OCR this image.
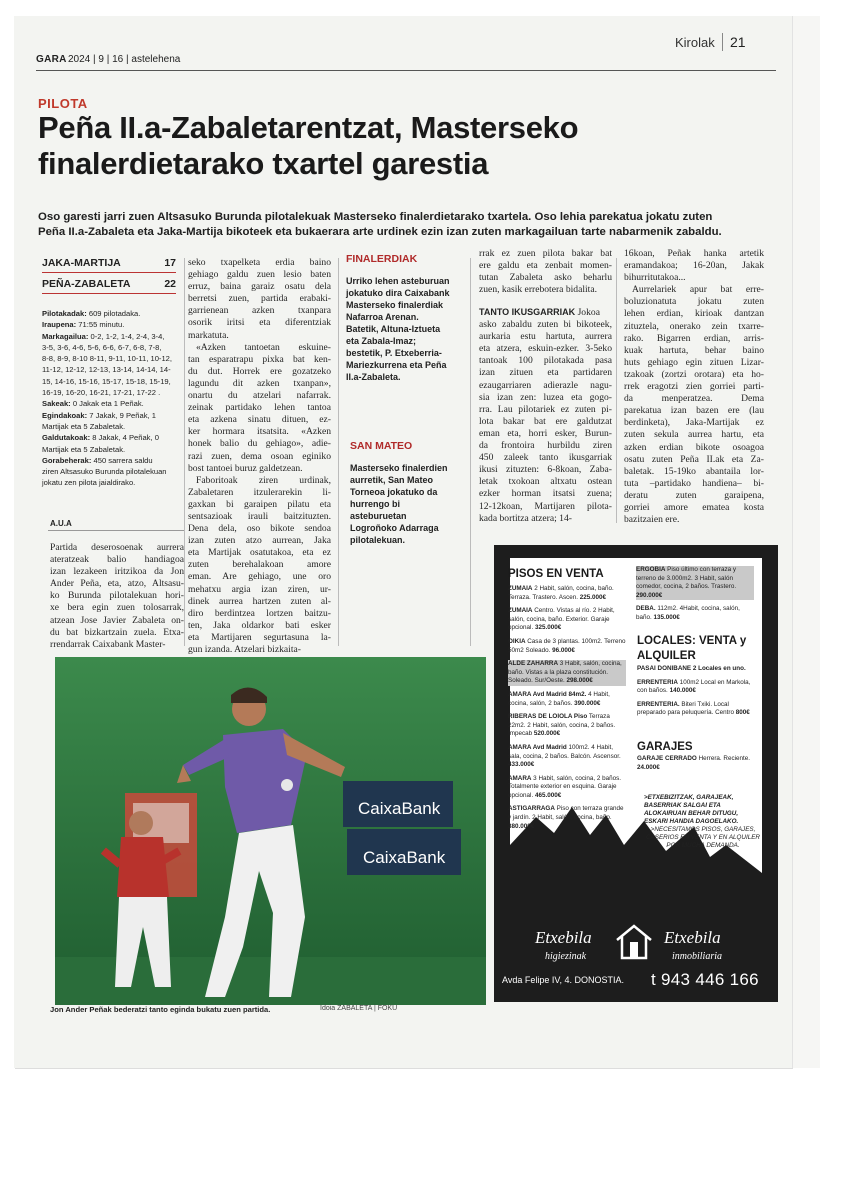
GARA 2024 | 9 | 16 | astelehena
Kirolak 21
PILOTA
Peña II.a-Zabaletarentzat, Masterseko
finalerdietarako txartel garestia
Oso garesti jarri zuen Altsasuko Burunda pilotalekuak Masterseko finalerdietarako txartela. Oso lehia parekatua jokatu zuten
Peña II.a-Zabaleta eta Jaka-Martija bikoteek eta bukaerara arte urdinek ezin izan zuten markagailuan tarte nabarmenik zabaldu.
JAKA-MARTIJA	17
PEÑA-ZABALETA	22
Pilotakadak: 609 pilotadaka.
Iraupena: 71:55 minutu.
Markagailua: 0-2, 1-2, 1-4, 2-4, 3-4,
3-5, 3-6, 4-6, 5-6, 6-6, 6-7, 6-8, 7-8,
8-8, 8-9, 8-10 8-11, 9-11, 10-11, 10-12,
11-12, 12-12, 12-13, 13-14, 14-14, 14-
15, 14-16, 15-16, 15-17, 15-18, 15-19,
16-19, 16-20, 16-21, 17-21, 17-22 .
Sakeak: 0 Jakak eta 1 Peñak.
Egindakoak: 7 Jakak, 9 Peñak, 1
Martijak eta 5 Zabaletak.
Galdutakoak: 8 Jakak, 4 Peñak, 0
Martijak eta 5 Zabaletak.
Gorabeherak: 450 sarrera saldu
ziren Altsasuko Burunda pilotalekuan
jokatu zen pilota jaialdirako.
A.U.A
Partida deserosoenak aurrera
ateratzeak balio handiagoa
izan lezakeen iritzikoa da Jon
Ander Peña, eta, atzo, Altsasu-
ko Burunda pilotalekuan hori-
xe bera egin zuen tolosarrak,
atzean Jose Javier Zabaleta on-
du bat bizkartzain zuela. Etxa-
rrendarrak Caixabank Master-
seko txapelketa erdia baino
gehiago galdu zuen lesio baten
erruz, baina garaiz osatu dela
berretsi zuen, partida erabaki-
garrienean azken txanpara
osorik iritsi eta diferentziak
markatuta.
«Azken tantoetan eskuine-
tan esparatrapu pixka bat ken-
du dut. Horrek ere gozatzeko
lagundu dit azken txanpan»,
onartu du atzelari nafarrak.
zeinak partidako lehen tantoa
eta azkena sinatu dituen, ez-
ker hormara itsatsita. «Azken
honek balio du gehiago», adie-
razi zuen, dema osoan eginiko
bost tantoei buruz galdetzean.
Faboritoak ziren urdinak,
Zabaletaren itzulerarekin li-
gaxkan bi garaipen pilatu eta
sentsazioak irauli baitzituzten.
Dena dela, oso bikote sendoa
izan zuten atzo aurrean, Jaka
eta Martijak osatutakoa, eta ez
zuten berehalakoan amore
eman. Are gehiago, une oro
mehatxu argia izan ziren, ur-
dinek aurrea hartzen zuten al-
diro berdintzea lortzen baitzu-
ten, Jaka oldarkor bati esker
eta Martijaren segurtasuna la-
gun izanda. Atzelari bizkaita-
FINALERDIAK
Urriko lehen asteburuan
jokatuko dira Caixabank
Masterseko finalerdiak
Nafarroa Arenan.
Batetik, Altuna-Iztueta
eta Zabala-Imaz;
bestetik, P. Etxeberria-
Mariezkurrena eta Peña
II.a-Zabaleta.
SAN MATEO
Masterseko finalerdien
aurretik, San Mateo
Torneoa jokatuko da
hurrengo bi
asteburuetan
Logroñoko Adarraga
pilotalekuan.
rrak ez zuen pilota bakar bat
ere galdu eta zenbait momen-
tutan Zabaleta asko beharlu
zuen, kasik errebotera bidalita.
TANTO IKUSGARRIAK Jokoa
asko zabaldu zuten bi bikoteek,
aurkaria estu hartuta, aurrera
eta atzera, eskuin-ezker. 3-5eko
tantoak 100 pilotakada pasa
izan zituen eta partidaren
ezaugarriaren adierazle nagu-
sia izan zen: luzea eta gogo-
rra. Lau pilotariek ez zuten pi-
lota bakar bat ere galdutzat
eman eta, horri esker, Burun-
da frontoira hurbildu ziren
450 zaleek tanto ikusgarriak
ikusi zituzten: 6-8koan, Zaba-
letak txokoan altxatu ostean
ezker horman itsatsi zuena;
12-12koan, Martijaren pilota-
kada bortitza atzera; 14-
16koan, Peñak hanka artetik
eramandakoa; 16-20an, Jakak
bihurritutakoa...
Aurrelariek apur bat erre-
boluzionatuta jokatu zuten
lehen erdian, kirioak dantzan
zituztela, onerako zein txarre-
rako. Bigarren erdian, arris-
kuak hartuta, behar baino
huts gehiago egin zituen Lizar-
tzakoak (zortzi orotara) eta ho-
rrek eragotzi zien gorriei parti-
da menperatzea. Dema
parekatua izan bazen ere (lau
berdinketa), Jaka-Martijak ez
zuten sekula aurrea hartu, eta
azken erdian bikote osoagoa
osatu zuten Peña II.ak eta Za-
baletak. 15-19ko abantaila lor-
tuta –partidako handiena– bi-
deratu zuten garaipena,
gorriei amore ematea kosta
bazitzaien ere.
CaixaBank
CaixaBank
Jon Ander Peñak bederatzi tanto eginda bukatu zuen partida.	Idoia ZABALETA | FOKU
PISOS EN VENTA
ZUMAIA 2 Habit, salón, cocina, baño. Terraza. Trastero. Ascen. 225.000€
ZUMAIA Centro. Vistas al río. 2 Habit, salón, cocina, baño. Exterior. Garaje opcional. 325.000€
OIKIA Casa de 3 plantas. 100m2. Terreno 50m2 Soleado. 96.000€
ALDE ZAHARRA 3 Habit, salón, cocina, baño. Vistas a la plaza constitución. Soleado. Sur/Oeste. 298.000€
AMARA Avd Madrid 84m2. 4 Habit, cocina, salón, 2 baños. 390.000€
RIBERAS DE LOIOLA Piso Terraza 22m2. 2 Habit, salón, cocina, 2 baños. Impecab 520.000€
AMARA Avd Madrid 100m2. 4 Habit, sala, cocina, 2 baños. Balcón. Ascensor. 433.000€
AMARA 3 Habit, salón, cocina, 2 baños. Totalmente exterior en esquina. Garaje opcional. 465.000€
ASTIGARRAGA Piso con terraza grande y jardín. 2 Habit, salón, cocina, baño. 380.000€
ERGOBIA Piso último con terraza y terreno de 3.000m2. 3 Habit, salón comedor, cocina, 2 baños. Trastero. 290.000€
DEBA. 112m2. 4Habit, cocina, salón, baño. 135.000€
LOCALES: VENTA y ALQUILER
PASAI DONIBANE 2 Locales en uno.
ERRENTERIA 100m2 Local en Markola, con baños. 140.000€
ERRENTERIA. Biteri Txiki. Local preparado para peluquería. Centro 800€
GARAJES
GARAJE CERRADO Herrera. Reciente. 24.000€
>ETXEBIZITZAK, GARAJEAK, BASERRIAK SALGAI ETA ALOKAIRUAN BEHAR DITUGU, ESKARI HANDIA DAGOELAKO.
>NECESITAMOS PISOS, GARAJES, CASERIOS EN VENTA Y EN ALQUILER POR MUCHA DEMANDA.
Etxebila
higiezinak
Etxebila
inmobiliaria
Avda Felipe IV, 4. DONOSTIA. t 943 446 166
